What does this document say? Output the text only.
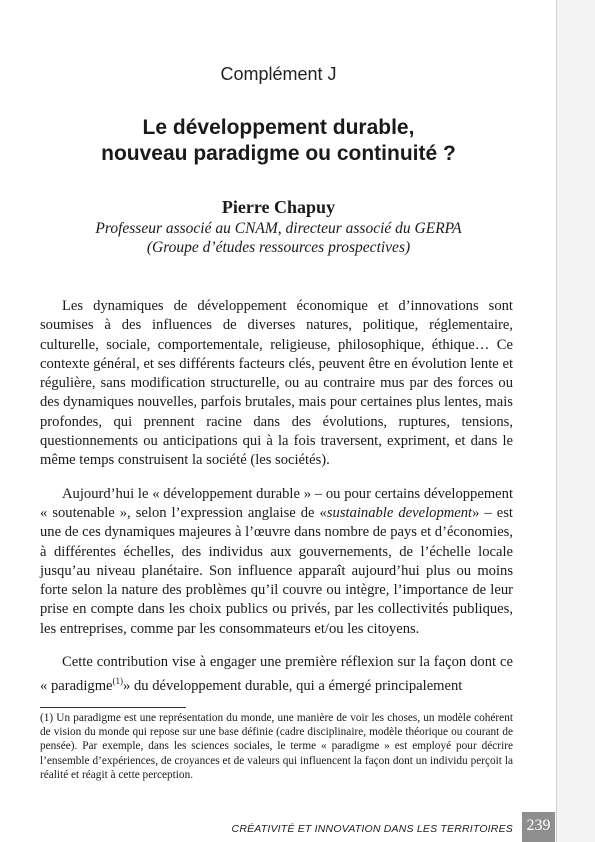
Complément J
Le développement durable,
nouveau paradigme ou continuité ?
Pierre Chapuy
Professeur associé au CNAM, directeur associé du GERPA
(Groupe d’études ressources prospectives)

Les dynamiques de développement économique et d’innovations sont soumises à des influences de diverses natures, politique, réglementaire, culturelle, sociale, comportementale, religieuse, philosophique, éthique… Ce contexte général, et ses différents facteurs clés, peuvent être en évolution lente et régulière, sans modification structurelle, ou au contraire mus par des forces ou des dynamiques nouvelles, parfois brutales, mais pour certaines plus lentes, mais profondes, qui prennent racine dans des évolutions, ruptures, tensions, questionnements ou anticipations qui à la fois traversent, expriment, et dans le même temps construisent la société (les sociétés).

Aujourd’hui le « développement durable » – ou pour certains développement « soutenable », selon l’expression anglaise de «sustainable development» – est une de ces dynamiques majeures à l’œuvre dans nombre de pays et d’économies, à différentes échelles, des individus aux gouvernements, de l’échelle locale jusqu’au niveau planétaire. Son influence apparaît aujourd’hui plus ou moins forte selon la nature des problèmes qu’il couvre ou intègre, l’importance de leur prise en compte dans les choix publics ou privés, par les collectivités publiques, les entreprises, comme par les consommateurs et/ou les citoyens.

Cette contribution vise à engager une première réflexion sur la façon dont ce « paradigme$^{(1)}$» du développement durable, qui a émergé principalement

(1) Un paradigme est une représentation du monde, une manière de voir les choses, un modèle cohérent de vision du monde qui repose sur une base définie (cadre disciplinaire, modèle théorique ou courant de pensée). Par exemple, dans les sciences sociales, le terme « paradigme » est employé pour décrire l’ensemble d’expériences, de croyances et de valeurs qui influencent la façon dont un individu perçoit la réalité et réagit à cette perception.
CRÉATIVITÉ ET INNOVATION DANS LES TERRITOIRES 239
